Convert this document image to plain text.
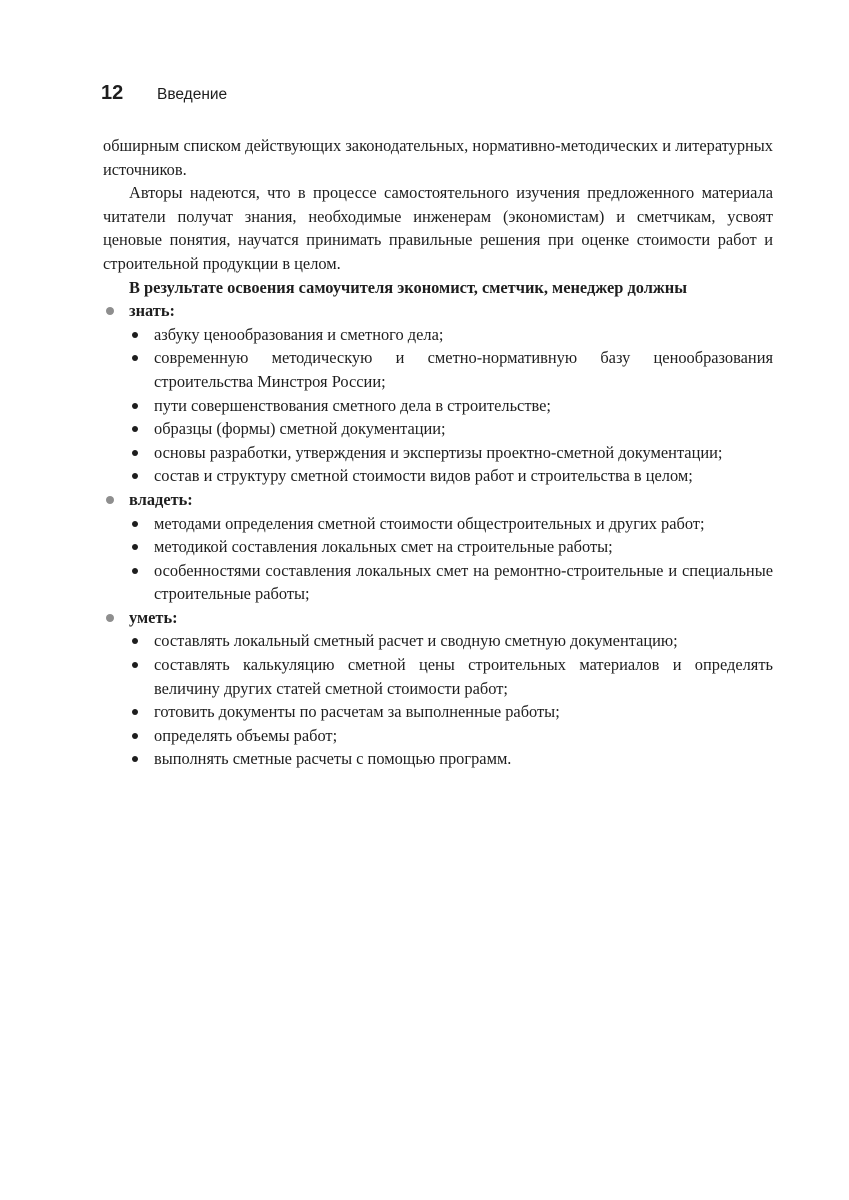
12 Введение

обширным списком действующих законодательных, нормативно-методических и литературных источников.

Авторы надеются, что в процессе самостоятельного изучения предложенного материала читатели получат знания, необходимые инженерам (экономистам) и сметчикам, усвоят ценовые понятия, научатся принимать правильные решения при оценке стоимости работ и строительной продукции в целом.

В результате освоения самоучителя экономист, сметчик, менеджер должны

знать:
азбуку ценообразования и сметного дела;
современную методическую и сметно-нормативную базу ценообразования строительства Минстроя России;
пути совершенствования сметного дела в строительстве;
образцы (формы) сметной документации;
основы разработки, утверждения и экспертизы проектно-сметной документации;
состав и структуру сметной стоимости видов работ и строительства в целом;
владеть:
методами определения сметной стоимости общестроительных и других работ;
методикой составления локальных смет на строительные работы;
особенностями составления локальных смет на ремонтно-строительные и специальные строительные работы;
уметь:
составлять локальный сметный расчет и сводную сметную документацию;
составлять калькуляцию сметной цены строительных материалов и определять величину других статей сметной стоимости работ;
готовить документы по расчетам за выполненные работы;
определять объемы работ;
выполнять сметные расчеты с помощью программ.
